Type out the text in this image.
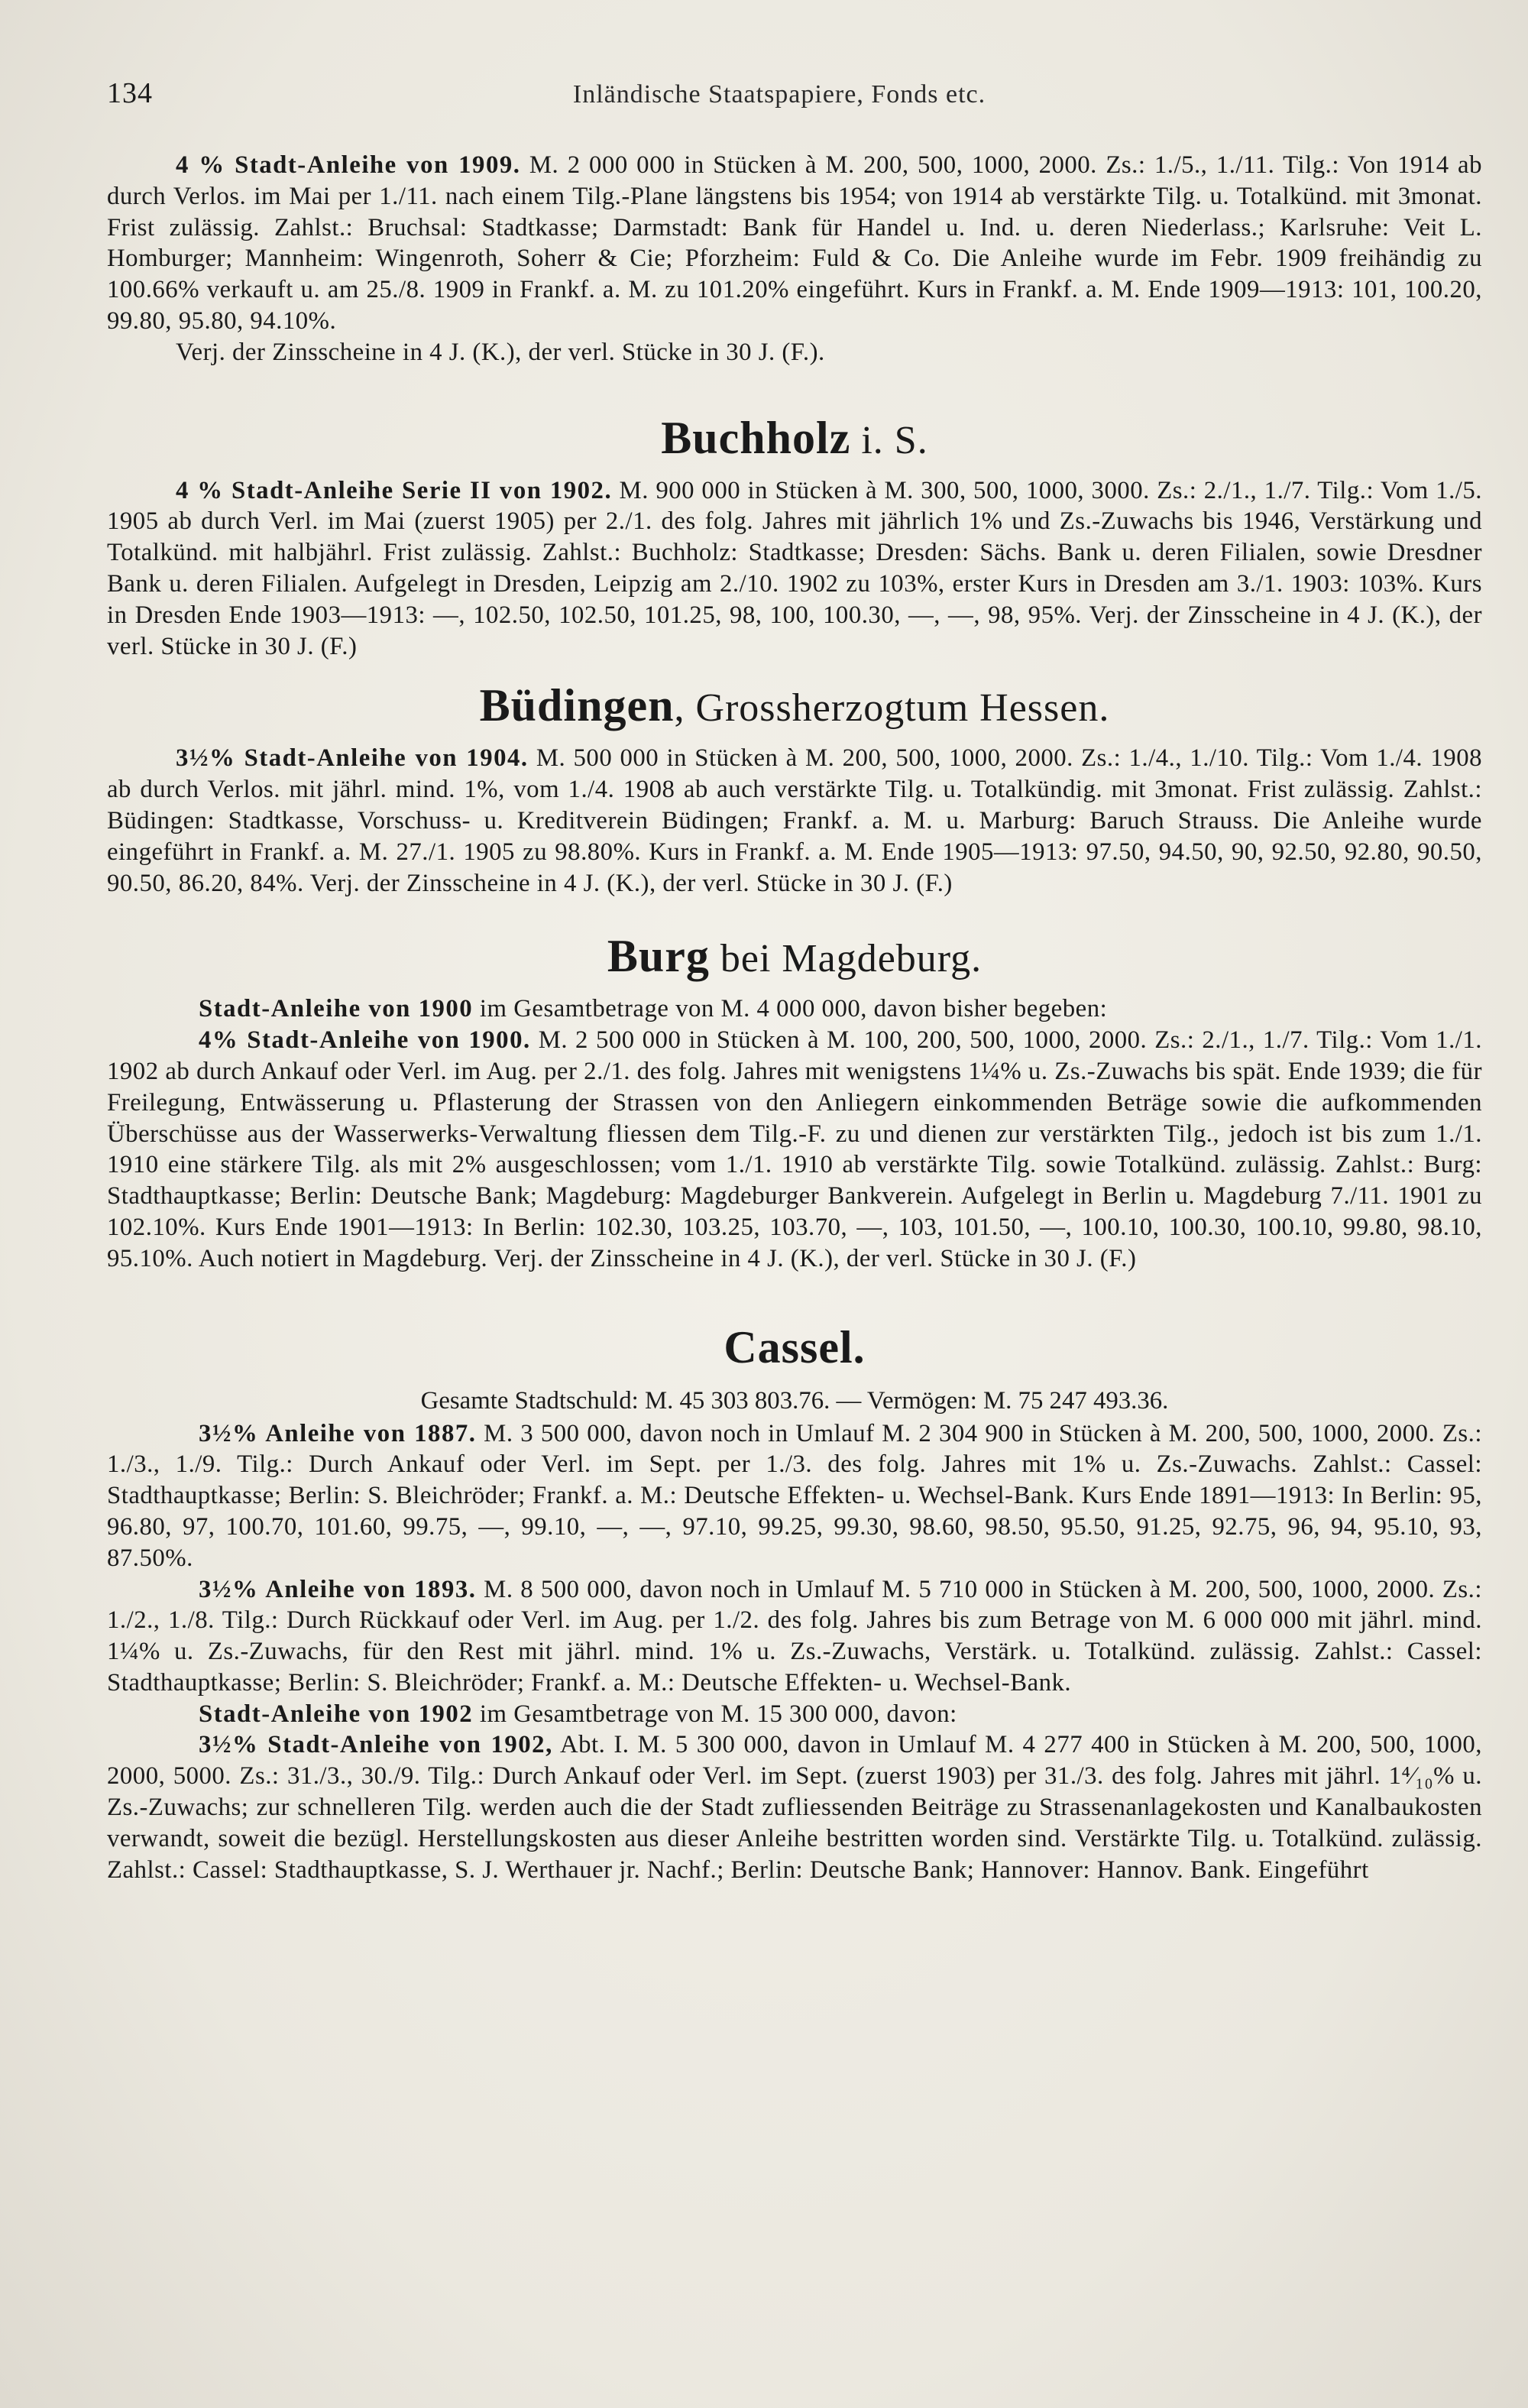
134	Inländische Staatspapiere, Fonds etc.

4 % Stadt-Anleihe von 1909. M. 2 000 000 in Stücken à M. 200, 500, 1000, 2000. Zs.: 1./5., 1./11. Tilg.: Von 1914 ab durch Verlos. im Mai per 1./11. nach einem Tilg.-Plane längstens bis 1954; von 1914 ab verstärkte Tilg. u. Totalkünd. mit 3monat. Frist zulässig. Zahlst.: Bruchsal: Stadtkasse; Darmstadt: Bank für Handel u. Ind. u. deren Niederlass.; Karlsruhe: Veit L. Homburger; Mannheim: Wingenroth, Soherr & Cie; Pforzheim: Fuld & Co. Die Anleihe wurde im Febr. 1909 freihändig zu 100.66% verkauft u. am 25./8. 1909 in Frankf. a. M. zu 101.20% eingeführt. Kurs in Frankf. a. M. Ende 1909—1913: 101, 100.20, 99.80, 95.80, 94.10%.

Verj. der Zinsscheine in 4 J. (K.), der verl. Stücke in 30 J. (F.).

Buchholz i. S.

4 % Stadt-Anleihe Serie II von 1902. M. 900 000 in Stücken à M. 300, 500, 1000, 3000. Zs.: 2./1., 1./7. Tilg.: Vom 1./5. 1905 ab durch Verl. im Mai (zuerst 1905) per 2./1. des folg. Jahres mit jährlich 1% und Zs.-Zuwachs bis 1946, Verstärkung und Totalkünd. mit halbjährl. Frist zulässig. Zahlst.: Buchholz: Stadtkasse; Dresden: Sächs. Bank u. deren Filialen, sowie Dresdner Bank u. deren Filialen. Aufgelegt in Dresden, Leipzig am 2./10. 1902 zu 103%, erster Kurs in Dresden am 3./1. 1903: 103%. Kurs in Dresden Ende 1903—1913: —, 102.50, 102.50, 101.25, 98, 100, 100.30, —, —, 98, 95%. Verj. der Zinsscheine in 4 J. (K.), der verl. Stücke in 30 J. (F.)

Büdingen, Grossherzogtum Hessen.

3½% Stadt-Anleihe von 1904. M. 500 000 in Stücken à M. 200, 500, 1000, 2000. Zs.: 1./4., 1./10. Tilg.: Vom 1./4. 1908 ab durch Verlos. mit jährl. mind. 1%, vom 1./4. 1908 ab auch verstärkte Tilg. u. Totalkündig. mit 3monat. Frist zulässig. Zahlst.: Büdingen: Stadtkasse, Vorschuss- u. Kreditverein Büdingen; Frankf. a. M. u. Marburg: Baruch Strauss. Die Anleihe wurde eingeführt in Frankf. a. M. 27./1. 1905 zu 98.80%. Kurs in Frankf. a. M. Ende 1905—1913: 97.50, 94.50, 90, 92.50, 92.80, 90.50, 90.50, 86.20, 84%. Verj. der Zinsscheine in 4 J. (K.), der verl. Stücke in 30 J. (F.)

Burg bei Magdeburg.

Stadt-Anleihe von 1900 im Gesamtbetrage von M. 4 000 000, davon bisher begeben:

4% Stadt-Anleihe von 1900. M. 2 500 000 in Stücken à M. 100, 200, 500, 1000, 2000. Zs.: 2./1., 1./7. Tilg.: Vom 1./1. 1902 ab durch Ankauf oder Verl. im Aug. per 2./1. des folg. Jahres mit wenigstens 1¼% u. Zs.-Zuwachs bis spät. Ende 1939; die für Freilegung, Entwässerung u. Pflasterung der Strassen von den Anliegern einkommenden Beträge sowie die aufkommenden Überschüsse aus der Wasserwerks-Verwaltung fliessen dem Tilg.-F. zu und dienen zur verstärkten Tilg., jedoch ist bis zum 1./1. 1910 eine stärkere Tilg. als mit 2% ausgeschlossen; vom 1./1. 1910 ab verstärkte Tilg. sowie Totalkünd. zulässig. Zahlst.: Burg: Stadthauptkasse; Berlin: Deutsche Bank; Magdeburg: Magdeburger Bankverein. Aufgelegt in Berlin u. Magdeburg 7./11. 1901 zu 102.10%. Kurs Ende 1901—1913: In Berlin: 102.30, 103.25, 103.70, —, 103, 101.50, —, 100.10, 100.30, 100.10, 99.80, 98.10, 95.10%. Auch notiert in Magdeburg. Verj. der Zinsscheine in 4 J. (K.), der verl. Stücke in 30 J. (F.)

Cassel.
Gesamte Stadtschuld: M. 45 303 803.76. — Vermögen: M. 75 247 493.36.

3½% Anleihe von 1887. M. 3 500 000, davon noch in Umlauf M. 2 304 900 in Stücken à M. 200, 500, 1000, 2000. Zs.: 1./3., 1./9. Tilg.: Durch Ankauf oder Verl. im Sept. per 1./3. des folg. Jahres mit 1% u. Zs.-Zuwachs. Zahlst.: Cassel: Stadthauptkasse; Berlin: S. Bleichröder; Frankf. a. M.: Deutsche Effekten- u. Wechsel-Bank. Kurs Ende 1891—1913: In Berlin: 95, 96.80, 97, 100.70, 101.60, 99.75, —, 99.10, —, —, 97.10, 99.25, 99.30, 98.60, 98.50, 95.50, 91.25, 92.75, 96, 94, 95.10, 93, 87.50%.

3½% Anleihe von 1893. M. 8 500 000, davon noch in Umlauf M. 5 710 000 in Stücken à M. 200, 500, 1000, 2000. Zs.: 1./2., 1./8. Tilg.: Durch Rückkauf oder Verl. im Aug. per 1./2. des folg. Jahres bis zum Betrage von M. 6 000 000 mit jährl. mind. 1¼% u. Zs.-Zuwachs, für den Rest mit jährl. mind. 1% u. Zs.-Zuwachs, Verstärk. u. Totalkünd. zulässig. Zahlst.: Cassel: Stadthauptkasse; Berlin: S. Bleichröder; Frankf. a. M.: Deutsche Effekten- u. Wechsel-Bank.

Stadt-Anleihe von 1902 im Gesamtbetrage von M. 15 300 000, davon:

3½% Stadt-Anleihe von 1902, Abt. I. M. 5 300 000, davon in Umlauf M. 4 277 400 in Stücken à M. 200, 500, 1000, 2000, 5000. Zs.: 31./3., 30./9. Tilg.: Durch Ankauf oder Verl. im Sept. (zuerst 1903) per 31./3. des folg. Jahres mit jährl. 1⁴⁄₁₀% u. Zs.-Zuwachs; zur schnelleren Tilg. werden auch die der Stadt zufliessenden Beiträge zu Strassenanlagekosten und Kanalbaukosten verwandt, soweit die bezügl. Herstellungskosten aus dieser Anleihe bestritten worden sind. Verstärkte Tilg. u. Totalkünd. zulässig. Zahlst.: Cassel: Stadthauptkasse, S. J. Werthauer jr. Nachf.; Berlin: Deutsche Bank; Hannover: Hannov. Bank. Eingeführt
